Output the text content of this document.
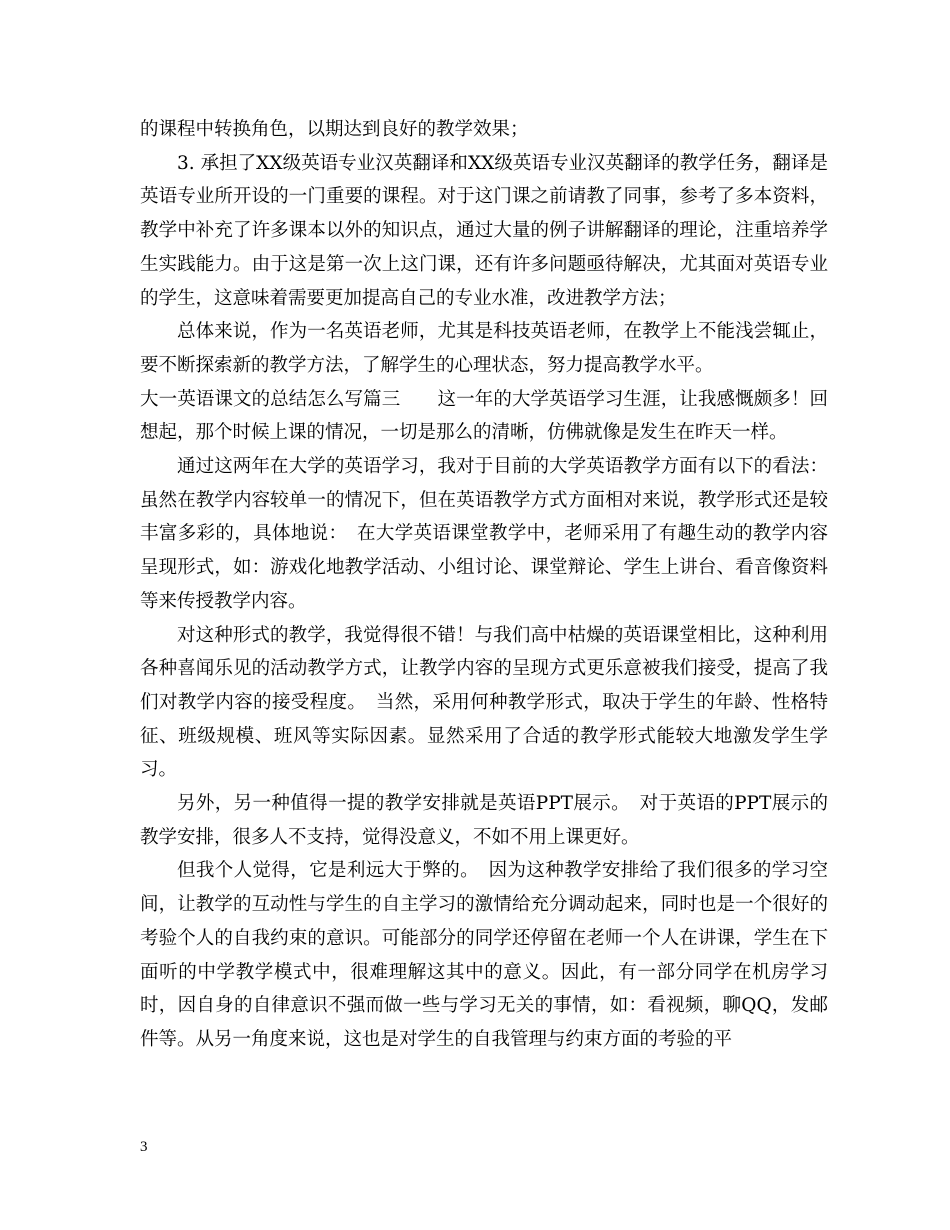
的课程中转换角色，以期达到良好的教学效果；

3. 承担了XX级英语专业汉英翻译和XX级英语专业汉英翻译的教学任务，翻译是英语专业所开设的一门重要的课程。对于这门课之前请教了同事，参考了多本资料，教学中补充了许多课本以外的知识点，通过大量的例子讲解翻译的理论，注重培养学生实践能力。由于这是第一次上这门课，还有许多问题亟待解决，尤其面对英语专业的学生，这意味着需要更加提高自己的专业水准，改进教学方法；

总体来说，作为一名英语老师，尤其是科技英语老师，在教学上不能浅尝辄止，要不断探索新的教学方法，了解学生的心理状态，努力提高教学水平。

大一英语课文的总结怎么写篇三　　这一年的大学英语学习生涯，让我感慨颇多！回想起，那个时候上课的情况，一切是那么的清晰，仿佛就像是发生在昨天一样。

通过这两年在大学的英语学习，我对于目前的大学英语教学方面有以下的看法：虽然在教学内容较单一的情况下，但在英语教学方式方面相对来说，教学形式还是较丰富多彩的，具体地说：　在大学英语课堂教学中，老师采用了有趣生动的教学内容呈现形式，如：游戏化地教学活动、小组讨论、课堂辩论、学生上讲台、看音像资料等来传授教学内容。

对这种形式的教学，我觉得很不错！与我们高中枯燥的英语课堂相比，这种利用各种喜闻乐见的活动教学方式，让教学内容的呈现方式更乐意被我们接受，提高了我们对教学内容的接受程度。　当然，采用何种教学形式，取决于学生的年龄、性格特征、班级规模、班风等实际因素。显然采用了合适的教学形式能较大地激发学生学习。

另外，另一种值得一提的教学安排就是英语PPT展示。　对于英语的PPT展示的教学安排，很多人不支持，觉得没意义，不如不用上课更好。

但我个人觉得，它是利远大于弊的。　因为这种教学安排给了我们很多的学习空间，让教学的互动性与学生的自主学习的激情给充分调动起来，同时也是一个很好的考验个人的自我约束的意识。可能部分的同学还停留在老师一个人在讲课，学生在下面听的中学教学模式中，很难理解这其中的意义。因此，有一部分同学在机房学习时，因自身的自律意识不强而做一些与学习无关的事情，如：看视频，聊QQ，发邮件等。从另一角度来说，这也是对学生的自我管理与约束方面的考验的平

3
